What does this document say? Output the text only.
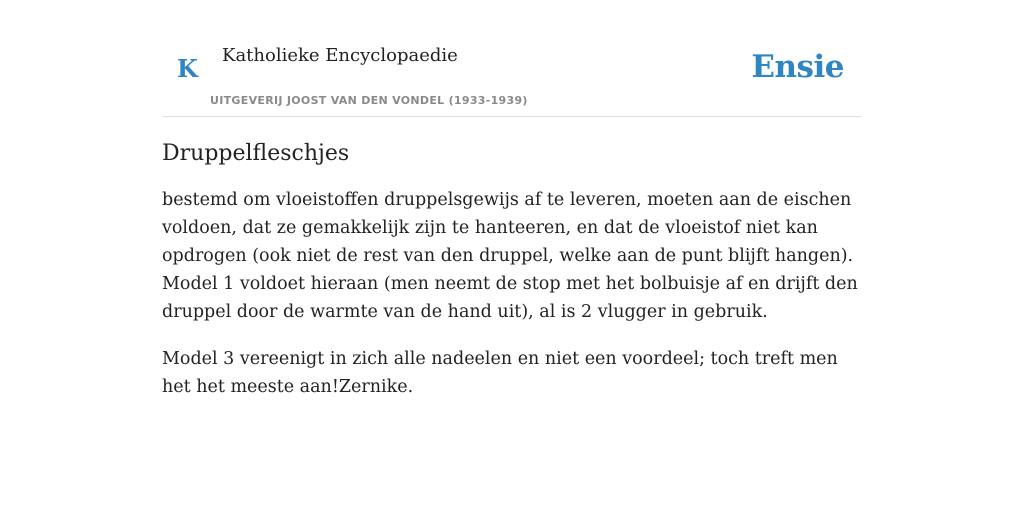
K Katholieke Encyclopaedie
UITGEVERIJ JOOST VAN DEN VONDEL (1933-1939)
Ensie
Druppelfleschjes

bestemd om vloeistoffen druppelsgewijs af te leveren, moeten aan de eischen voldoen, dat ze gemakkelijk zijn te hanteeren, en dat de vloeistof niet kan opdrogen (ook niet de rest van den druppel, welke aan de punt blijft hangen). Model 1 voldoet hieraan (men neemt de stop met het bolbuisje af en drijft den druppel door de warmte van de hand uit), al is 2 vlugger in gebruik.

Model 3 vereenigt in zich alle nadeelen en niet een voordeel; toch treft men het het meeste aan!Zernike.
